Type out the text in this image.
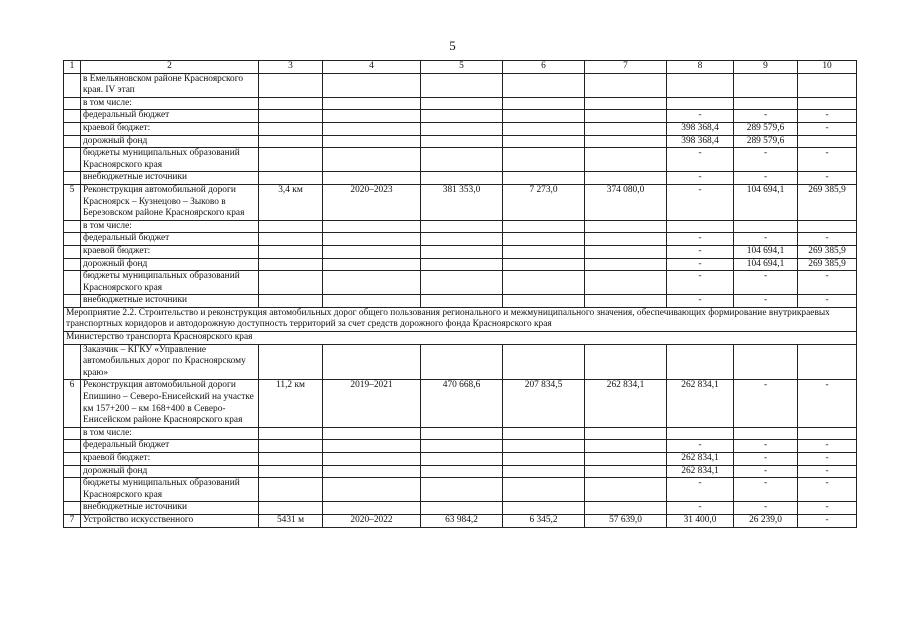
5
1	2	3	4	5	6	7	8	9	10
	в Емельяновском районе Красноярского края. IV этап								
	в том числе:								
	федеральный бюджет						-	-	-
	краевой бюджет:						398 368,4	289 579,6	-
	дорожный фонд						398 368,4	289 579,6	
	бюджеты муниципальных образований Красноярского края						-	-	-
	внебюджетные источники						-	-	-
5	Реконструкция автомобильной дороги Красноярск – Кузнецово – Зыково в Березовском районе Красноярского края	3,4 км	2020–2023	381 353,0	7 273,0	374 080,0	-	104 694,1	269 385,9
	в том числе:								
	федеральный бюджет						-	-	-
	краевой бюджет:						-	104 694,1	269 385,9
	дорожный фонд						-	104 694,1	269 385,9
	бюджеты муниципальных образований Красноярского края						-	-	-
	внебюджетные источники						-	-	-
Мероприятие 2.2. Строительство и реконструкция автомобильных дорог общего пользования регионального и межмуниципального значения, обеспечивающих формирование внутрикраевых транспортных коридоров и автодорожную доступность территорий за счет средств дорожного фонда Красноярского края									
Министерство транспорта Красноярского края									
	Заказчик – КГКУ «Управление автомобильных дорог по Красноярскому краю»								
6	Реконструкция автомобильной дороги Епишино – Северо-Енисейский на участке км 157+200 – км 168+400 в Северо-Енисейском районе Красноярского края	11,2 км	2019–2021	470 668,6	207 834,5	262 834,1	262 834,1	-	-
	в том числе:								
	федеральный бюджет						-	-	-
	краевой бюджет:						262 834,1	-	-
	дорожный фонд						262 834,1	-	-
	бюджеты муниципальных образований Красноярского края						-	-	-
	внебюджетные источники						-	-	-
7	Устройство искусственного	5431 м	2020–2022	63 984,2	6 345,2	57 639,0	31 400,0	26 239,0	-
